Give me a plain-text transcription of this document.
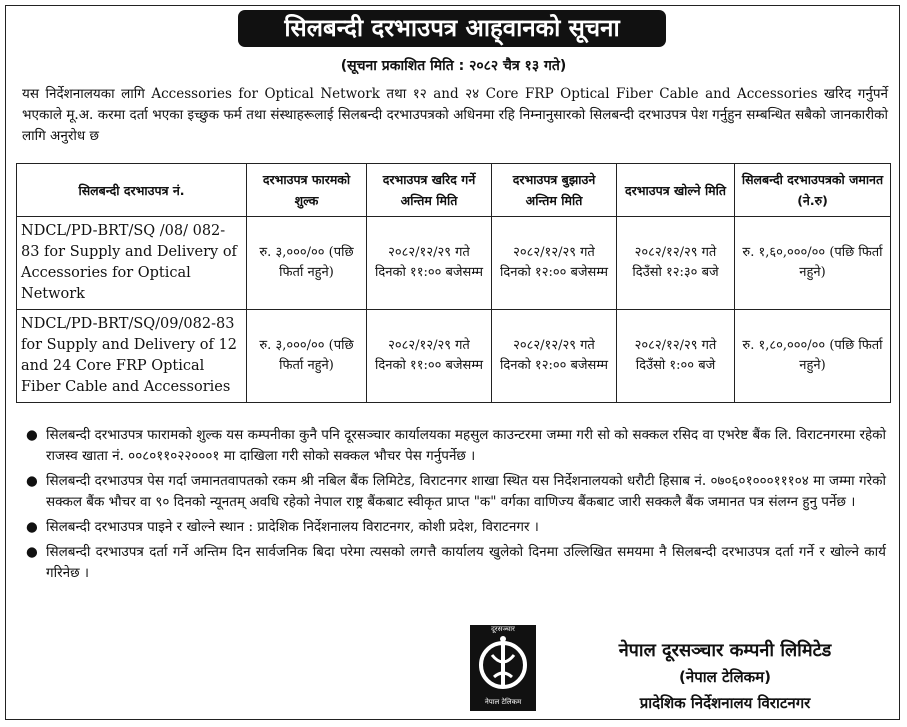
सिलबन्दी दरभाउपत्र आह्‌वानको सूचना
(सूचना प्रकाशित मिति : २०८२ चैत्र १३ गते)
यस निर्देशनालयका लागि Accessories for Optical Network तथा १२ and २४ Core FRP Optical Fiber Cable and Accessories खरिद गर्नुपर्ने भएकाले मू.अ. करमा दर्ता भएका इच्छुक फर्म तथा संस्थाहरूलाई सिलबन्दी दरभाउपत्रको अधिनमा रहि निम्नानुसारको सिलबन्दी दरभाउपत्र पेश गर्नुहुन सम्बन्धित सबैको जानकारीको लागि अनुरोध छ
सिलबन्दी दरभाउपत्र नं.	दरभाउपत्र फारमको शुल्क	दरभाउपत्र खरिद गर्ने अन्तिम मिति	दरभाउपत्र बुझाउने अन्तिम मिति	दरभाउपत्र खोल्ने मिति	सिलबन्दी दरभाउपत्रको जमानत (ने.रु)
NDCL/PD-BRT/SQ /08/ 082-83 for Supply and Delivery of Accessories for Optical Network	रु. ३,०००/०० (पछि फिर्ता नहुने)	२०८२/१२/२९ गते दिनको ११:०० बजेसम्म	२०८२/१२/२९ गते दिनको १२:०० बजेसम्म	२०८२/१२/२९ गते दिउँसो १२:३० बजे	रु. १,६०,०००/०० (पछि फिर्ता नहुने)
NDCL/PD-BRT/SQ/09/082-83 for Supply and Delivery of 12 and 24 Core FRP Optical Fiber Cable and Accessories	रु. ३,०००/०० (पछि फिर्ता नहुने)	२०८२/१२/२९ गते दिनको ११:०० बजेसम्म	२०८२/१२/२९ गते दिनको १२:०० बजेसम्म	२०८२/१२/२९ गते दिउँसो १:०० बजे	रु. १,८०,०००/०० (पछि फिर्ता नहुने)
● सिलबन्दी दरभाउपत्र फारामको शुल्क यस कम्पनीका कुनै पनि दूरसञ्चार कार्यालयका महसुल काउन्टरमा जम्मा गरी सो को सक्कल रसिद वा एभरेष्ट बैंक लि. विराटनगरमा रहेको राजस्व खाता नं. ००८०११०२२०००१ मा दाखिला गरी सोको सक्कल भौचर पेस गर्नुपर्नेछ ।
● सिलबन्दी दरभाउपत्र पेस गर्दा जमानतवापतको रकम श्री नबिल बैंक लिमिटेड, विराटनगर शाखा स्थित यस निर्देशनालयको धरौटी हिसाब नं. ०७०६०१०००१११०४ मा जम्मा गरेको सक्कल बैंक भौचर वा ९० दिनको न्यूनतम् अवधि रहेको नेपाल राष्ट्र बैंकबाट स्वीकृत प्राप्त "क" वर्गका वाणिज्य बैंकबाट जारी सक्कलै बैंक जमानत पत्र संलग्न हुनु पर्नेछ ।
● सिलबन्दी दरभाउपत्र पाइने र खोल्ने स्थान : प्रादेशिक निर्देशनालय विराटनगर, कोशी प्रदेश, विराटनगर ।
● सिलबन्दी दरभाउपत्र दर्ता गर्ने अन्तिम दिन सार्वजनिक बिदा परेमा त्यसको लगत्तै कार्यालय खुलेको दिनमा उल्लिखित समयमा नै सिलबन्दी दरभाउपत्र दर्ता गर्ने र खोल्ने कार्य गरिनेछ ।
दूरसञ्चार
नेपाल टेलिकम
नेपाल दूरसञ्चार कम्पनी लिमिटेड
(नेपाल टेलिकम)
प्रादेशिक निर्देशनालय विराटनगर
